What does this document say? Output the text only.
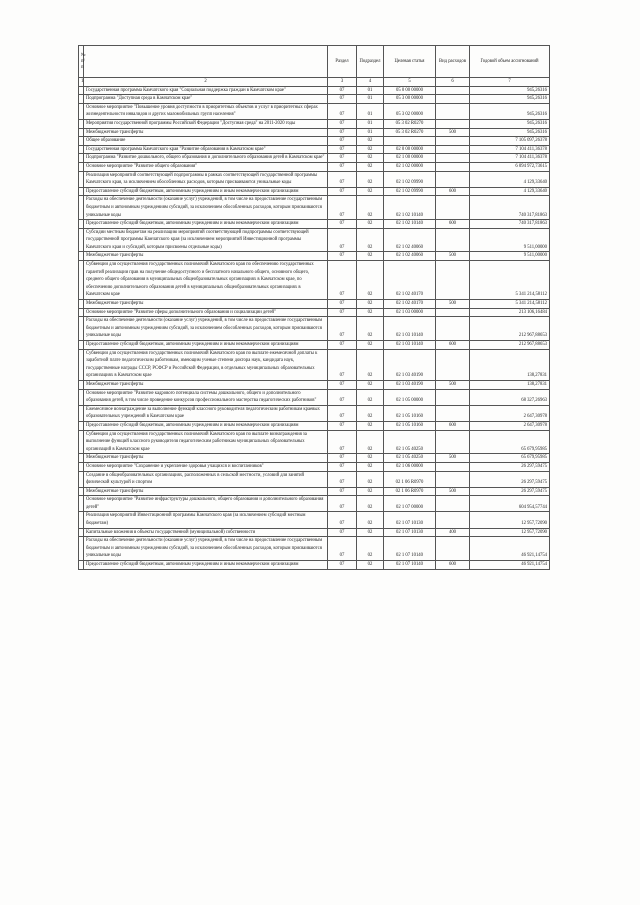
№ п/п		Раздел	Подраздел	Целевая статья	Вид расходов	Годовой объем ассигнований
1	2	3	4	5	6	7
	Государственная программа Камчатского края "Социальная поддержка граждан в Камчатском крае"	07	01	05 0 00 00000		945,26316
	Подпрограмма "Доступная среда в Камчатском крае"	07	01	05 3 00 00000		945,26316
	Основное мероприятие "Повышение уровня доступности в приоритетных объектов и услуг в приоритетных сферах жизнедеятельности инвалидов и других маломобильных групп населения"	07	01	05 3 02 00000		945,26316
	Мероприятия государственной программы Российской Федерации "Доступная среда" на 2011-2020 годы	07	01	05 3 02 R0270		945,26316
	Межбюджетные трансферты	07	01	05 3 02 R0270	500	945,26316
	Общее образование	07	02			7 105 097,26378
	Государственная программа Камчатского края "Развитие образования в Камчатском крае"	07	02	02 0 00 00000		7 104 411,36378
	Подпрограмма "Развитие дошкольного, общего образования и дополнительного образования детей в Камчатском крае"	07	02	02 1 00 00000		7 104 411,36378
	Основное мероприятие "Развитие общего образования"	07	02	02 1 02 00000		6 094 972,73615
	Реализация мероприятий соответствующей подпрограммы в рамках соответствующей государственной программы Камчатского края, за исключением обособленных расходов, которым присваиваются уникальные коды	07	02	02 1 02 09990		4 129,33640
	Предоставление субсидий бюджетным, автономным учреждениям и иным некоммерческим организациям	07	02	02 1 02 09990	600	4 129,33640
	Расходы на обеспечение деятельности (оказание услуг) учреждений, в том числе на предоставление государственным бюджетным и автономным учреждениям субсидий, за исключением обособленных расходов, которым присваиваются уникальные коды	07	02	02 1 02 10140		740 317,81863
	Предоставление субсидий бюджетным, автономным учреждениям и иным некоммерческим организациям	07	02	02 1 02 10140	600	740 317,81863
	Субсидии местным бюджетам на реализацию мероприятий соответствующей подпрограммы соответствующей государственной программы Камчатского края (за исключением мероприятий Инвестиционной программы Камчатского края и субсидий, которым присвоены отдельные коды)	07	02	02 1 02 40060		9 511,00000
	Межбюджетные трансферты	07	02	02 1 02 40060	500	9 511,00000
	Субвенции для осуществления государственных полномочий Камчатского края по обеспечению государственных гарантий реализации прав на получение общедоступного и бесплатного начального общего, основного общего, среднего общего образования в муниципальных общеобразовательных организациях в Камчатском крае, по обеспечению дополнительного образования детей в муниципальных общеобразовательных организациях в Камчатском крае	07	02	02 1 02 40170		5 341 214,58112
	Межбюджетные трансферты	07	02	02 1 02 40170	500	5 341 214,58112
	Основное мероприятие "Развитие сферы дополнительного образования и социализации детей"	07	02	02 1 03 00000		213 106,16484
	Расходы на обеспечение деятельности (оказание услуг) учреждений, в том числе на предоставление государственным бюджетным и автономным учреждениям субсидий, за исключением обособленных расходов, которым присваиваются уникальные коды	07	02	02 1 03 10140		212 967,88653
	Предоставление субсидий бюджетным, автономным учреждениям и иным некоммерческим организациям	07	02	02 1 03 10140	600	212 967,88653
	Субвенции для осуществления государственных полномочий Камчатского края по выплате ежемесячной доплаты к заработной плате педагогическим работникам, имеющим ученые степени доктора наук, кандидата наук, государственные награды СССР, РСФСР и Российской Федерации, в отдельных муниципальных образовательных организациях в Камчатском крае	07	02	02 1 03 40190		138,27831
	Межбюджетные трансферты	07	02	02 1 03 40190	500	138,27831
	Основное мероприятие "Развитие кадрового потенциала системы дошкольного, общего и дополнительного образования детей, в том числе проведение конкурсов профессионального мастерства педагогических работников"	07	02	02 1 05 00000		68 327,26963
	Ежемесячное вознаграждение за выполнение функций классного руководителя педагогическим работникам краевых образовательных учреждений в Камчатском крае	07	02	02 1 05 10160		2 647,30978
	Предоставление субсидий бюджетным, автономным учреждениям и иным некоммерческим организациям	07	02	02 1 05 10160	600	2 647,30978
	Субвенции для осуществления государственных полномочий Камчатского края по выплате вознаграждения за выполнение функций классного руководителя педагогическим работникам муниципальных образовательных организаций в Камчатском крае	07	02	02 1 05 40250		65 679,95985
	Межбюджетные трансферты	07	02	02 1 05 40250	500	65 679,95985
	Основное мероприятие "Сохранение и укрепление здоровья учащихся и воспитанников"	07	02	02 1 06 00000		26 297,59475
	Создание в общеобразовательных организациях, расположенных в сельской местности, условий для занятий физической культурой и спортом	07	02	02 1 06 R0970		26 297,59475
	Межбюджетные трансферты	07	02	02 1 06 R0970	500	26 297,59475
	Основное мероприятие "Развитие инфраструктуры дошкольного, общего образования и дополнительного образования детей"	07	02	02 1 07 00000		604 954,57744
	Реализация мероприятий Инвестиционной программы Камчатского края (за исключением субсидий местным бюджетам)	07	02	02 1 07 10130		12 957,72090
	Капитальные вложения в объекты государственной (муниципальной) собственности	07	02	02 1 07 10130	400	12 957,72090
	Расходы на обеспечение деятельности (оказание услуг) учреждений, в том числе на предоставление государственным бюджетным и автономным учреждениям субсидий, за исключением обособленных расходов, которым присваиваются уникальные коды	07	02	02 1 07 10140		46 921,14754
	Предоставление субсидий бюджетным, автономным учреждениям и иным некоммерческим организациям	07	02	02 1 07 10140	600	46 921,14754
